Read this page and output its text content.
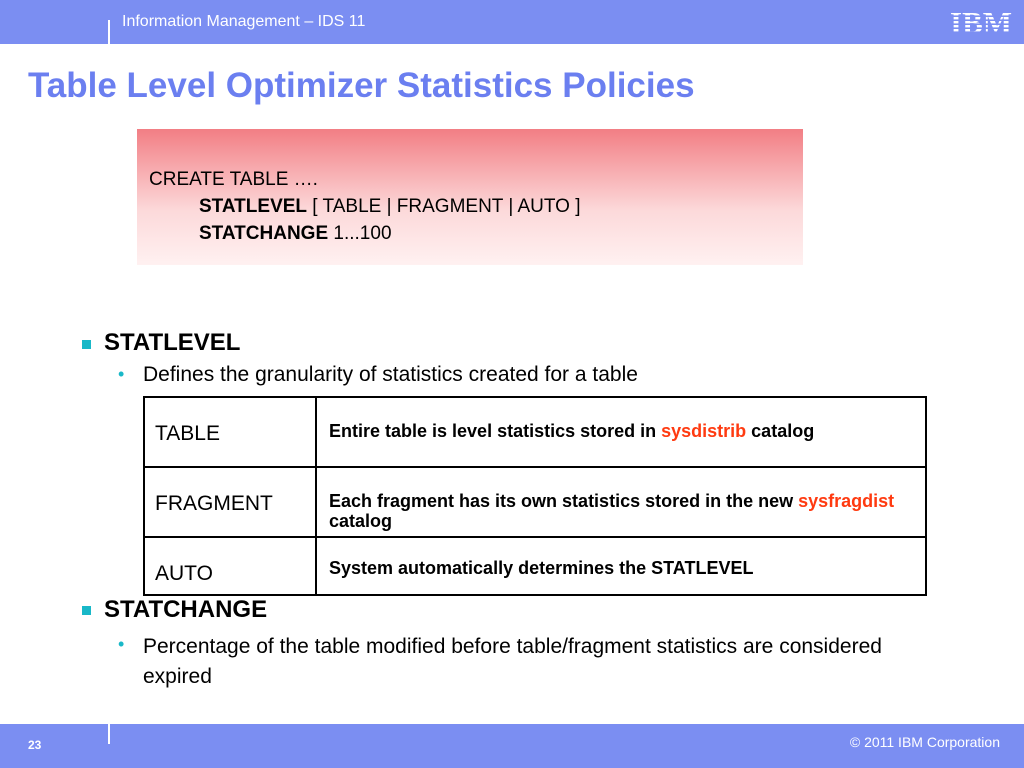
Information Management – IDS 11	IBM
Table Level Optimizer Statistics Policies
CREATE TABLE ….
STATLEVEL [ TABLE | FRAGMENT | AUTO ]
STATCHANGE 1...100
STATLEVEL
• Defines the granularity of statistics created for a table
TABLE	Entire table is level statistics stored in sysdistrib catalog
FRAGMENT	Each fragment has its own statistics stored in the new sysfragdist catalog
AUTO	System automatically determines the STATLEVEL
STATCHANGE
• Percentage of the table modified before table/fragment statistics are considered expired
23	© 2011 IBM Corporation
